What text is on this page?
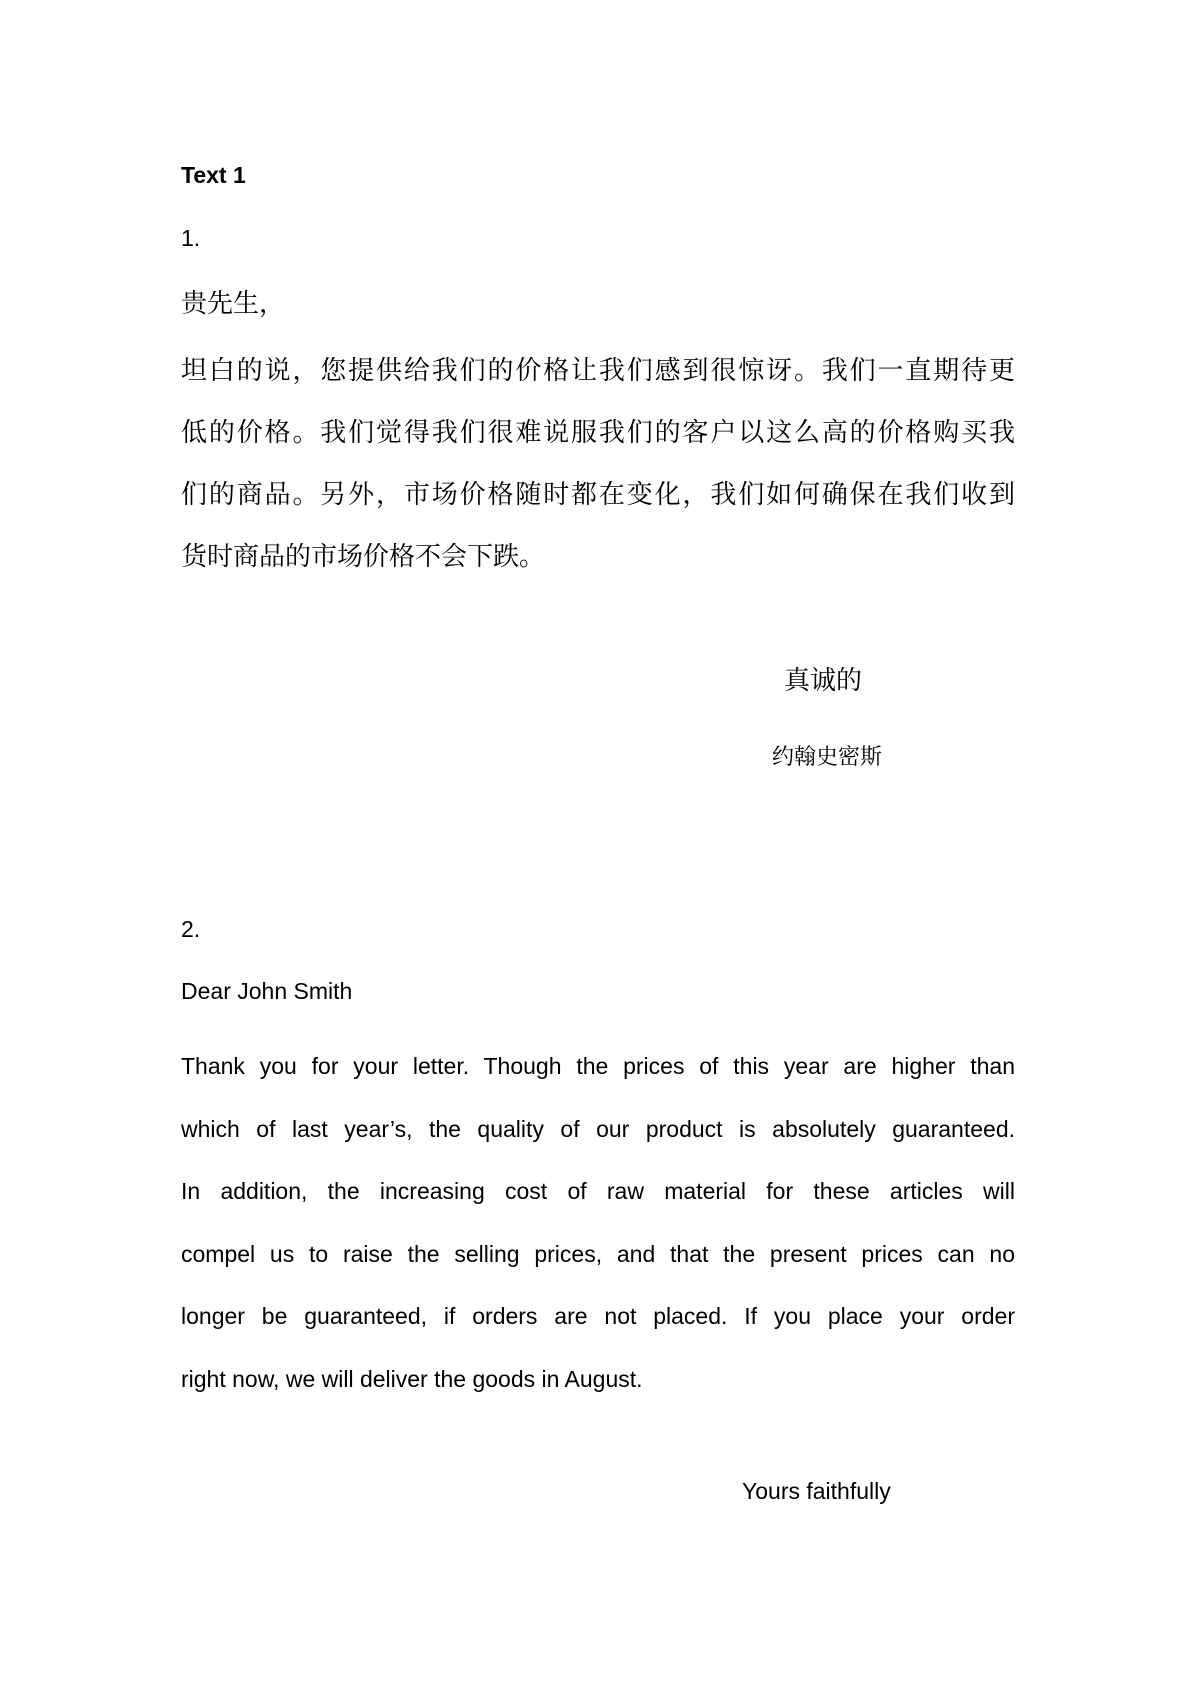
Text 1

1.

贵先生，

坦白的说，您提供给我们的价格让我们感到很惊讶。我们一直期待更
低的价格。我们觉得我们很难说服我们的客户以这么高的价格购买我
们的商品。另外，市场价格随时都在变化，我们如何确保在我们收到
货时商品的市场价格不会下跌。
真诚的
约翰史密斯

2.

Dear John Smith

Thank you for your letter. Though the prices of this year are higher than
which of last year’s, the quality of our product is absolutely guaranteed.
In addition, the increasing cost of raw material for these articles will
compel us to raise the selling prices, and that the present prices can no
longer be guaranteed, if orders are not placed. If you place your order
right now, we will deliver the goods in August.
Yours faithfully
